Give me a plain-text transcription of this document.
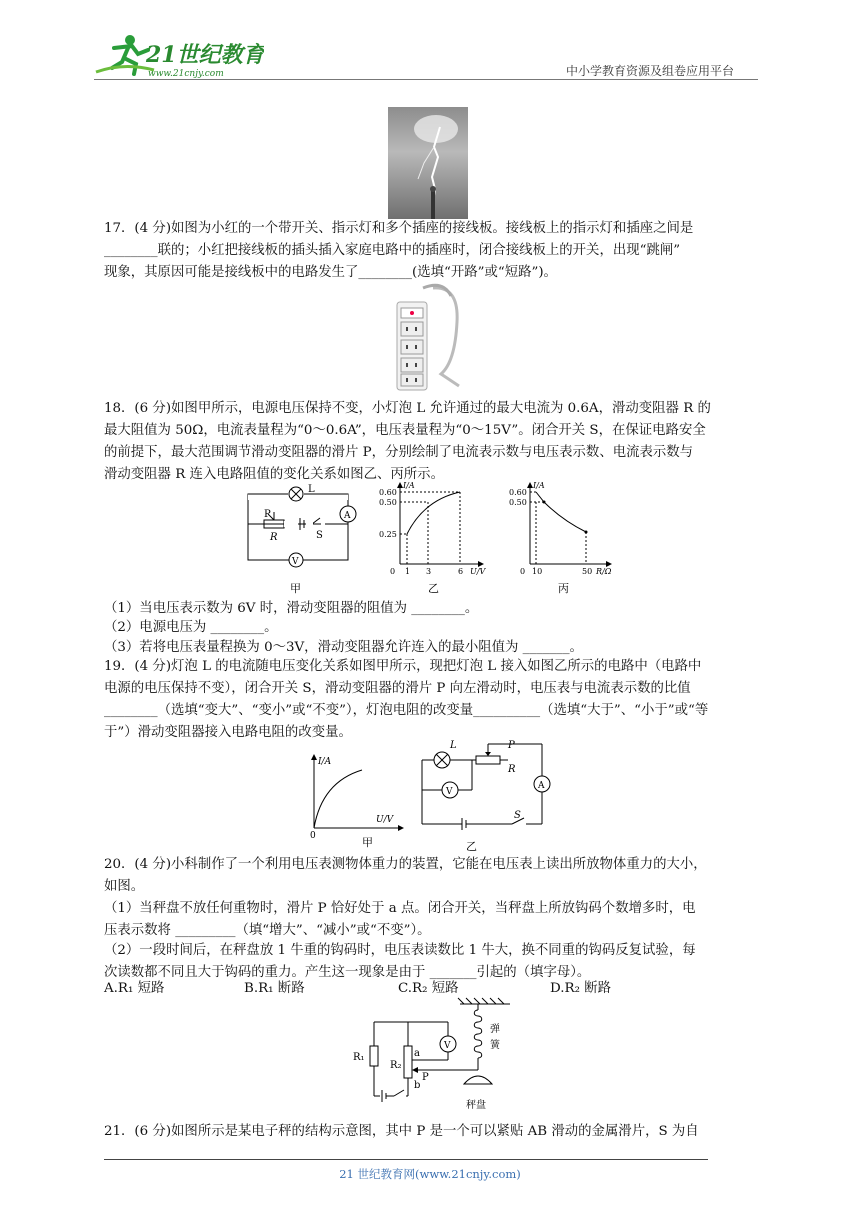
21世纪教育
www.21cnjy.com	中小学教育资源及组卷应用平台
17．(4 分)如图为小红的一个带开关、指示灯和多个插座的接线板。接线板上的指示灯和插座之间是
________联的；小红把接线板的插头插入家庭电路中的插座时，闭合接线板上的开关，出现“跳闸”
现象，其原因可能是接线板中的电路发生了________(选填“开路”或“短路”)。
18．(6 分)如图甲所示，电源电压保持不变，小灯泡 L 允许通过的最大电流为 0.6A，滑动变阻器 R 的
最大阻值为 50Ω，电流表量程为“0～0.6A”，电压表量程为“0～15V”。闭合开关 S，在保证电路安全
的前提下，最大范围调节滑动变阻器的滑片 P，分别绘制了电流表示数与电压表示数、电流表示数与
滑动变阻器 R 连入电路阻值的变化关系如图乙、丙所示。
L
A
P
R	S
V
甲
I/A
0.60
0.50
0.25
0 1 3	6 U/V
乙
I/A
0.60
0.50
0 10	50 R/Ω
丙
（1）当电压表示数为 6V 时，滑动变阻器的阻值为 ________。
（2）电源电压为 ________。
（3）若将电压表量程换为 0～3V，滑动变阻器允许连入的最小阻值为 _______。
19．(4 分)灯泡 L 的电流随电压变化关系如图甲所示，现把灯泡 L 接入如图乙所示的电路中（电路中
电源的电压保持不变），闭合开关 S，滑动变阻器的滑片 P 向左滑动时，电压表与电流表示数的比值
________（选填“变大”、“变小”或“不变”），灯泡电阻的改变量__________（选填“大于”、“小于”或“等
于”）滑动变阻器接入电路电阻的改变量。
I/A
U/V
0	甲
L	P
R
V
A
S
乙
20．(4 分)小科制作了一个利用电压表测物体重力的装置，它能在电压表上读出所放物体重力的大小，
如图。
（1）当秤盘不放任何重物时，滑片 P 恰好处于 a 点。闭合开关，当秤盘上所放钩码个数增多时，电
压表示数将 _________（填“增大”、“减小”或“不变”）。
（2）一段时间后，在秤盘放 1 牛重的钩码时，电压表读数比 1 牛大，换不同重的钩码反复试验，每
次读数都不同且大于钩码的重力。产生这一现象是由于 _______引起的（填字母）。
A.R₁ 短路	B.R₁ 断路	C.R₂ 短路	D.R₂ 断路
R₁
R₂
a
b
P
V
弹
簧
秤盘
21．(6 分)如图所示是某电子秤的结构示意图，其中 P 是一个可以紧贴 AB 滑动的金属滑片，S 为自
21 世纪教育网(www.21cnjy.com)
